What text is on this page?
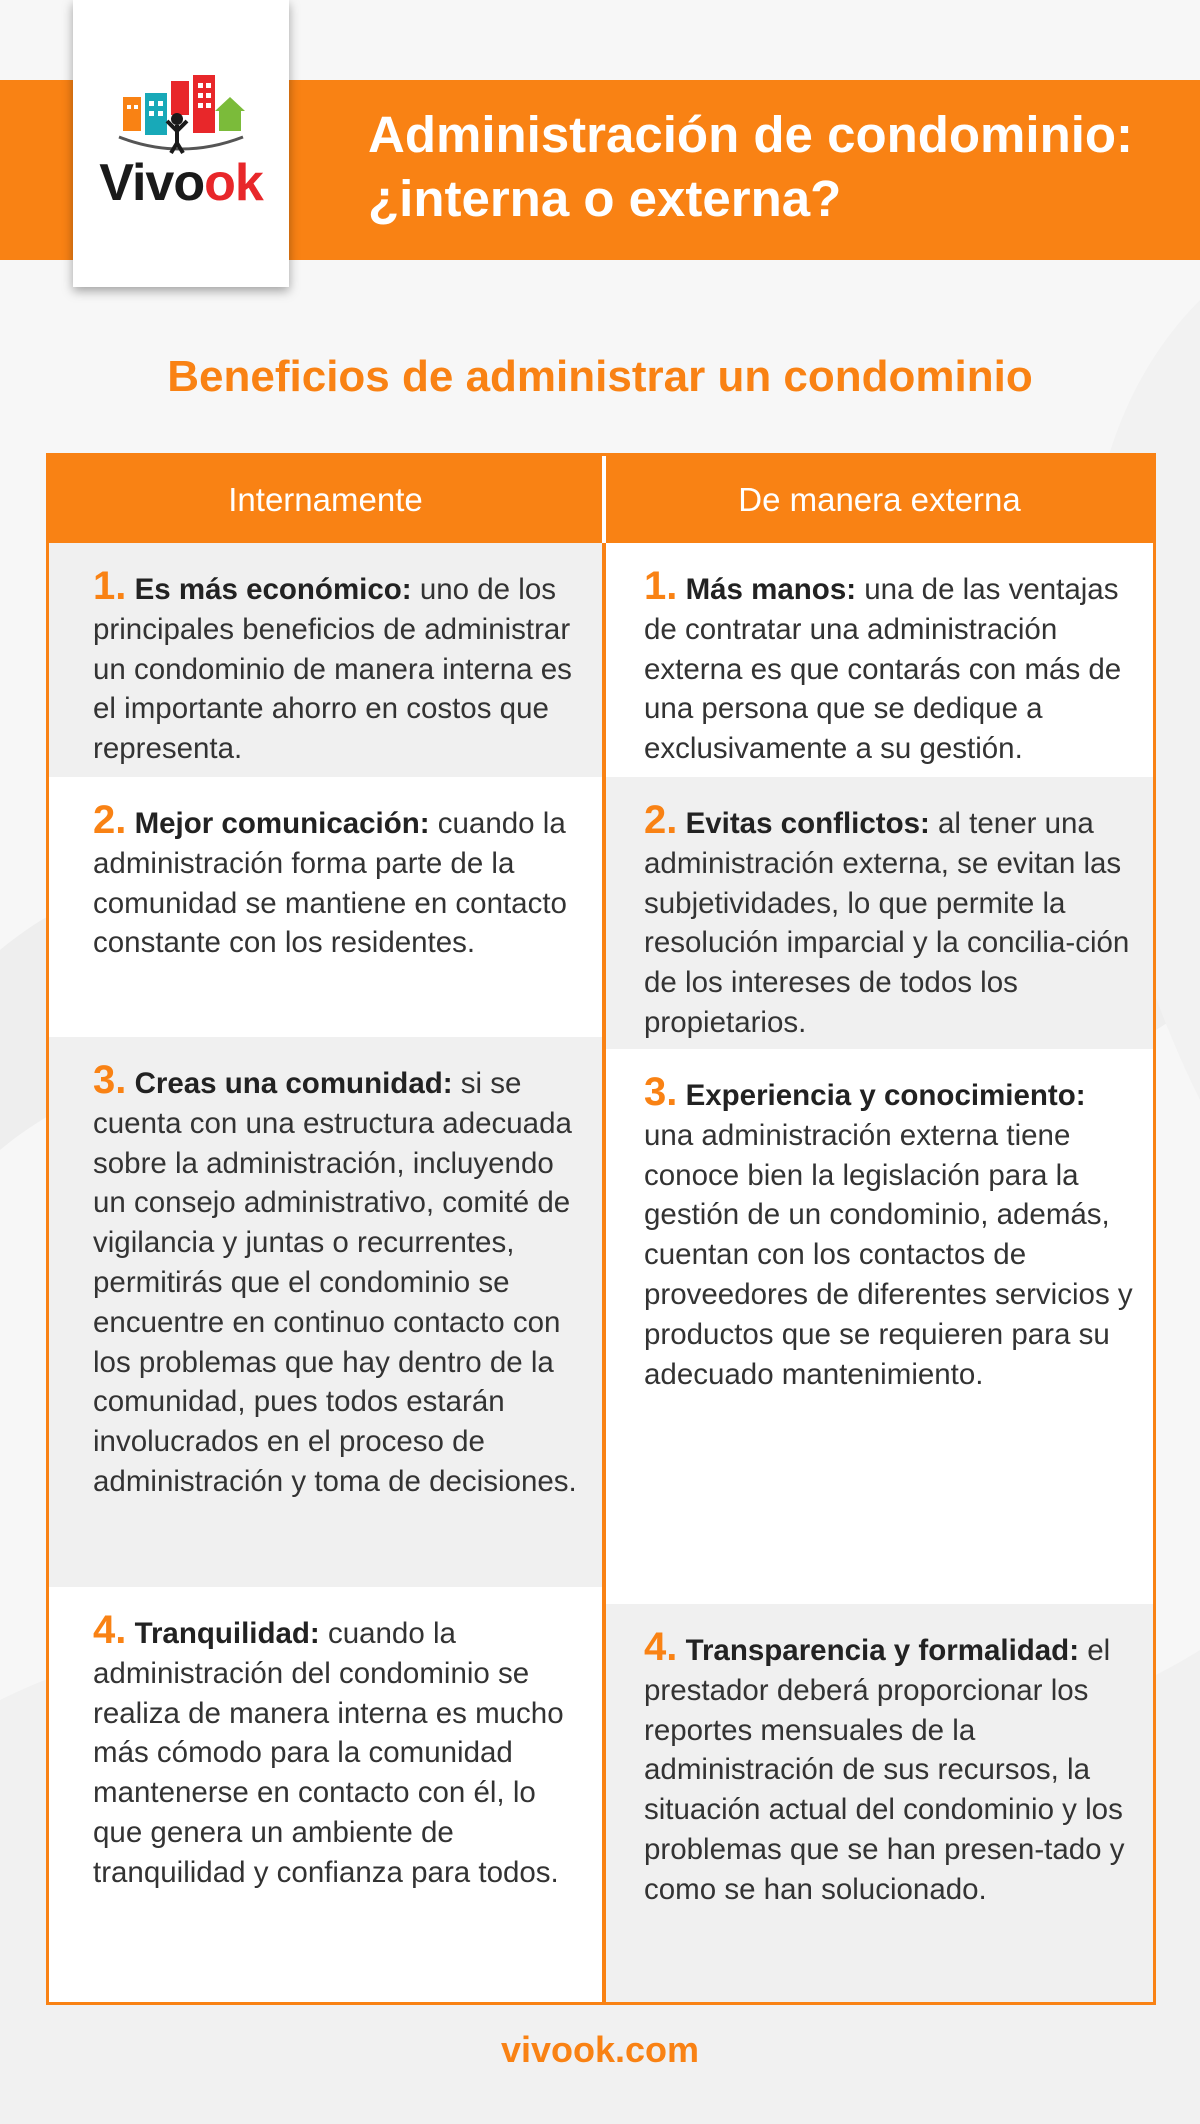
Administración de condominio:
¿interna o externa?
Vivook
Beneficios de administrar un condominio
Internamente

1. Es más económico: uno de los principales beneficios de administrar un condominio de manera interna es el importante ahorro en costos que representa.

2. Mejor comunicación: cuando la administración forma parte de la comunidad se mantiene en contacto constante con los residentes.

3. Creas una comunidad: si se cuenta con una estructura adecuada sobre la administración, incluyendo un consejo administrativo, comité de vigilancia y juntas o recurrentes, permitirás que el condominio se encuentre en continuo contacto con los problemas que hay dentro de la comunidad, pues todos estarán involucrados en el proceso de administración y toma de decisiones.

4. Tranquilidad: cuando la administración del condominio se realiza de manera interna es mucho más cómodo para la comunidad mantenerse en contacto con él, lo que genera un ambiente de tranquilidad y confianza para todos.

De manera externa

1. Más manos: una de las ventajas de contratar una administración externa es que contarás con más de una persona que se dedique a exclusivamente a su gestión.

2. Evitas conflictos: al tener una administración externa, se evitan las subjetividades, lo que permite la resolución imparcial y la concilia-ción de los intereses de todos los propietarios.

3. Experiencia y conocimiento: una administración externa tiene conoce bien la legislación para la gestión de un condominio, además, cuentan con los contactos de proveedores de diferentes servicios y productos que se requieren para su adecuado mantenimiento.

4. Transparencia y formalidad: el prestador deberá proporcionar los reportes mensuales de la administración de sus recursos, la situación actual del condominio y los problemas que se han presen-tado y como se han solucionado.

vivook.com
